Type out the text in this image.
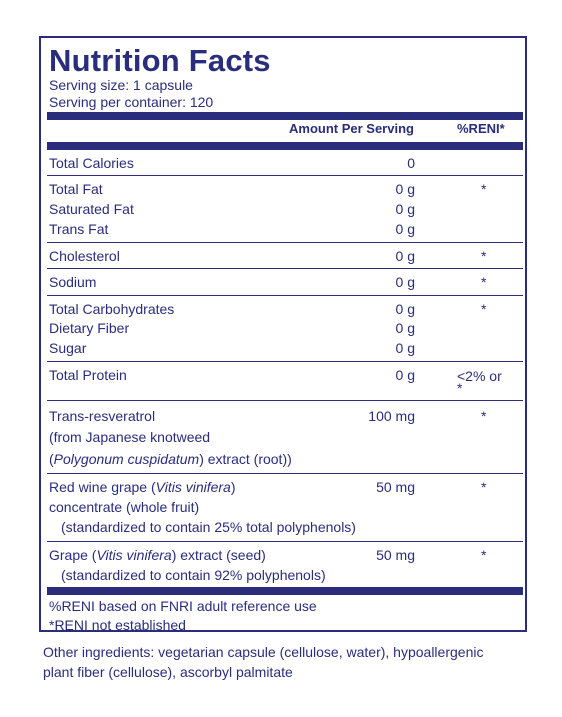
Nutrition Facts
Serving size: 1 capsule
Serving per container: 120
Amount Per Serving	%RENI*
Total Calories	0
Total Fat	0 g	*
Saturated Fat	0 g
Trans Fat	0 g
Cholesterol	0 g	*
Sodium	0 g	*
Total Carbohydrates	0 g	*
Dietary Fiber	0 g
Sugar	0 g
Total Protein	0 g	<2% or
*
Trans-resveratrol	100 mg	*
(from Japanese knotweed
(Polygonum cuspidatum) extract (root))
Red wine grape (Vitis vinifera)	50 mg	*
concentrate (whole fruit)
(standardized to contain 25% total polyphenols)
Grape (Vitis vinifera) extract (seed)	50 mg	*
(standardized to contain 92% polyphenols)
%RENI based on FNRI adult reference use
*RENI not established
Other ingredients: vegetarian capsule (cellulose, water), hypoallergenic
plant fiber (cellulose), ascorbyl palmitate
